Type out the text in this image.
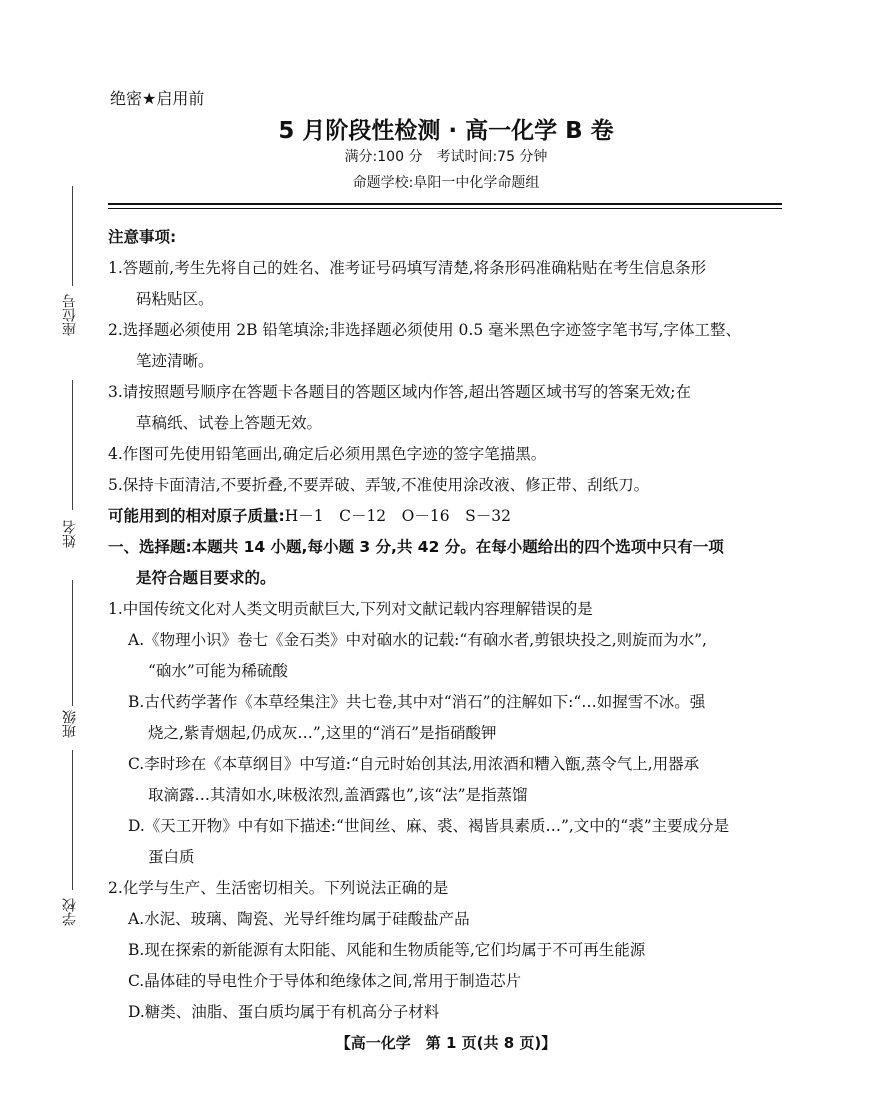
座位号
姓名
班级
学校
绝密★启用前
5 月阶段性检测 · 高一化学 B 卷
满分:100 分　考试时间:75 分钟
命题学校:阜阳一中化学命题组
注意事项:
1.答题前,考生先将自己的姓名、准考证号码填写清楚,将条形码准确粘贴在考生信息条形
码粘贴区。
2.选择题必须使用 2B 铅笔填涂;非选择题必须使用 0.5 毫米黑色字迹签字笔书写,字体工整、
笔迹清晰。
3.请按照题号顺序在答题卡各题目的答题区域内作答,超出答题区域书写的答案无效;在
草稿纸、试卷上答题无效。
4.作图可先使用铅笔画出,确定后必须用黑色字迹的签字笔描黑。
5.保持卡面清洁,不要折叠,不要弄破、弄皱,不准使用涂改液、修正带、刮纸刀。
可能用到的相对原子质量:H－1　C－12　O－16　S－32
一、选择题:本题共 14 小题,每小题 3 分,共 42 分。在每小题给出的四个选项中只有一项
是符合题目要求的。
1.中国传统文化对人类文明贡献巨大,下列对文献记载内容理解错误的是
A.《物理小识》卷七《金石类》中对硇水的记载:“有硇水者,剪银块投之,则旋而为水”,
“硇水”可能为稀硫酸
B.古代药学著作《本草经集注》共七卷,其中对“消石”的注解如下:“…如握雪不冰。强
烧之,紫青烟起,仍成灰…”,这里的“消石”是指硝酸钾
C.李时珍在《本草纲目》中写道:“自元时始创其法,用浓酒和糟入甑,蒸令气上,用器承
取滴露…其清如水,味极浓烈,盖酒露也”,该“法”是指蒸馏
D.《天工开物》中有如下描述:“世间丝、麻、裘、褐皆具素质…”,文中的“裘”主要成分是
蛋白质
2.化学与生产、生活密切相关。下列说法正确的是
A.水泥、玻璃、陶瓷、光导纤维均属于硅酸盐产品
B.现在探索的新能源有太阳能、风能和生物质能等,它们均属于不可再生能源
C.晶体硅的导电性介于导体和绝缘体之间,常用于制造芯片
D.糖类、油脂、蛋白质均属于有机高分子材料
【高一化学　第 1 页(共 8 页)】
